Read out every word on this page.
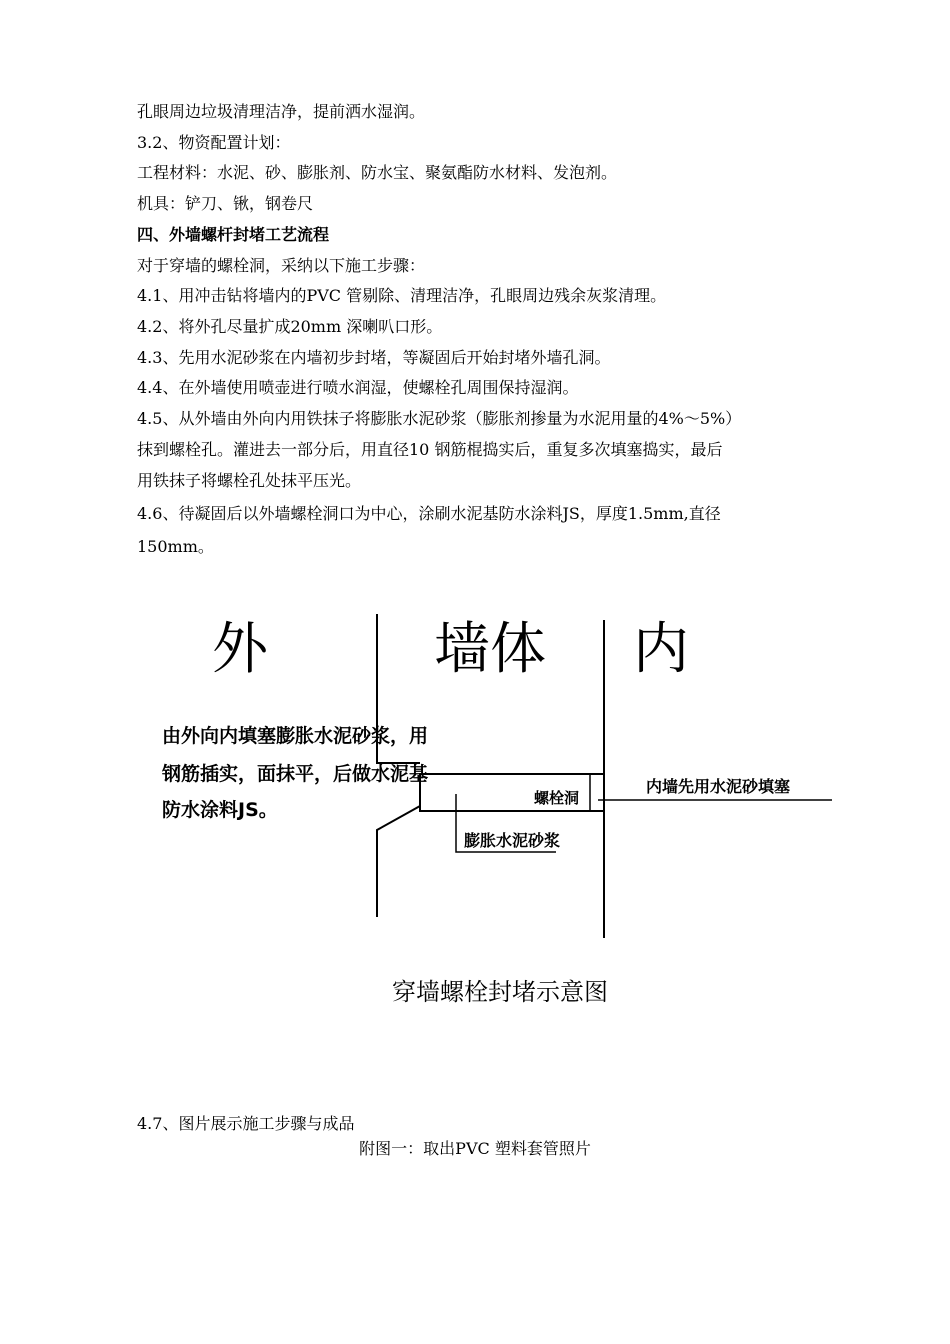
孔眼周边垃圾清理洁净，提前洒水湿润。
3.2、物资配置计划：
工程材料：水泥、砂、膨胀剂、防水宝、聚氨酯防水材料、发泡剂。
机具：铲刀、锹，钢卷尺
四、外墙螺杆封堵工艺流程
对于穿墙的螺栓洞，采纳以下施工步骤：
4.1、用冲击钻将墙内的PVC 管剔除、清理洁净，孔眼周边残余灰浆清理。
4.2、将外孔尽量扩成20mm 深喇叭口形。
4.3、先用水泥砂浆在内墙初步封堵，等凝固后开始封堵外墙孔洞。
4.4、在外墙使用喷壶进行喷水润湿，使螺栓孔周围保持湿润。
4.5、从外墙由外向内用铁抹子将膨胀水泥砂浆（膨胀剂掺量为水泥用量的4%～5%）
抹到螺栓孔。灌进去一部分后，用直径10 钢筋棍捣实后，重复多次填塞捣实，最后
用铁抹子将螺栓孔处抹平压光。
4.6、待凝固后以外墙螺栓洞口为中心，涂刷水泥基防水涂料JS，厚度1.5mm,直径
150mm。
外	墙体 内
由外向内填塞膨胀水泥砂浆，用
钢筋插实，面抹平，后做水泥基
防水涂料JS。
螺栓洞
内墙先用水泥砂填塞
膨胀水泥砂浆
穿墙螺栓封堵示意图
4.7、图片展示施工步骤与成品
附图一：取出PVC 塑料套管照片
